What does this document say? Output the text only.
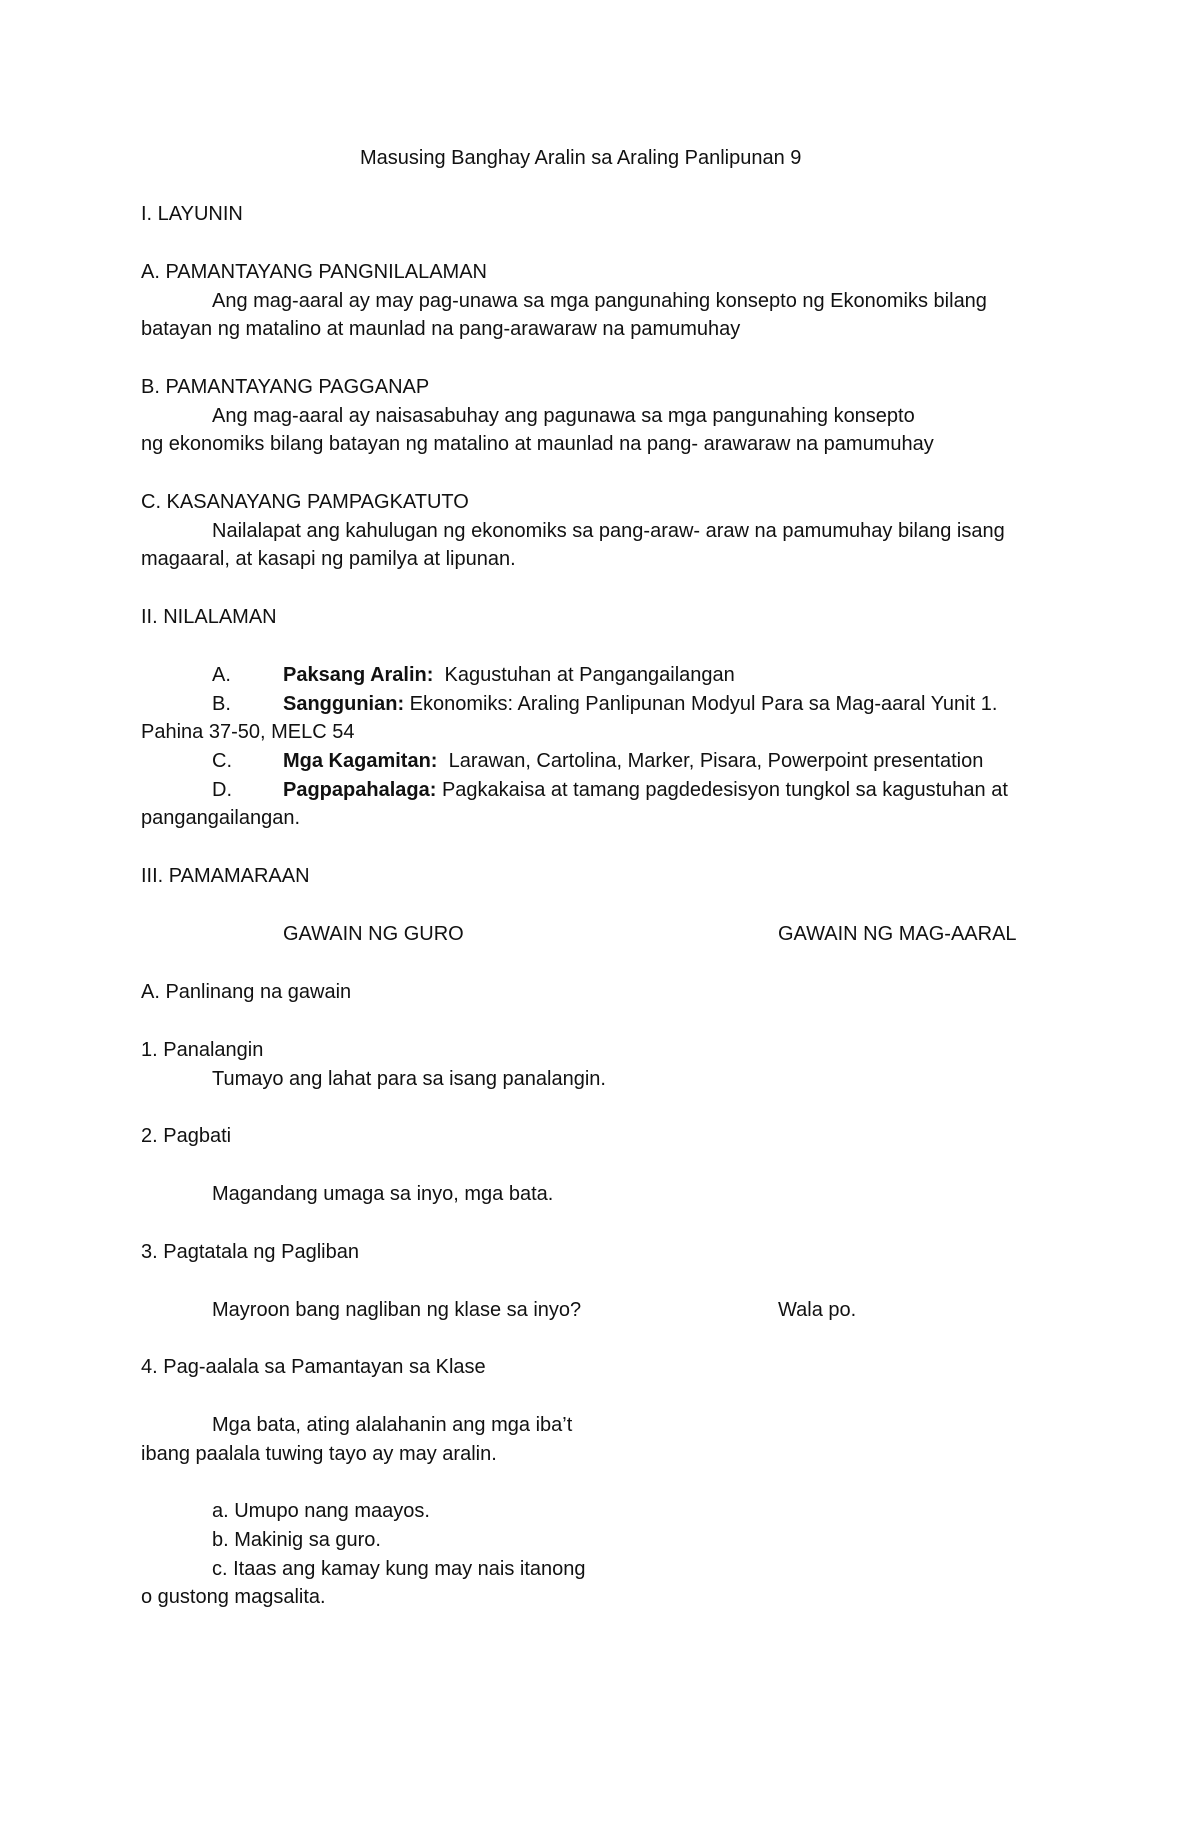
Masusing Banghay Aralin sa Araling Panlipunan 9
I. LAYUNIN
A. PAMANTAYANG PANGNILALAMAN
Ang mag-aaral ay may pag-unawa sa mga pangunahing konsepto ng Ekonomiks bilang
batayan ng matalino at maunlad na pang-arawaraw na pamumuhay
B. PAMANTAYANG PAGGANAP
Ang mag-aaral ay naisasabuhay ang pagunawa sa mga pangunahing konsepto
ng ekonomiks bilang batayan ng matalino at maunlad na pang- arawaraw na pamumuhay
C. KASANAYANG PAMPAGKATUTO
Nailalapat ang kahulugan ng ekonomiks sa pang-araw- araw na pamumuhay bilang isang
magaaral, at kasapi ng pamilya at lipunan.
II. NILALAMAN
A.	Paksang Aralin: Kagustuhan at Pangangailangan
B.	Sanggunian: Ekonomiks: Araling Panlipunan Modyul Para sa Mag-aaral Yunit 1.
Pahina 37-50, MELC 54
C.	Mga Kagamitan: Larawan, Cartolina, Marker, Pisara, Powerpoint presentation
D.	Pagpapahalaga: Pagkakaisa at tamang pagdedesisyon tungkol sa kagustuhan at
pangangailangan.
III. PAMAMARAAN
GAWAIN NG GURO	GAWAIN NG MAG-AARAL
A. Panlinang na gawain
1. Panalangin
Tumayo ang lahat para sa isang panalangin.
2. Pagbati
Magandang umaga sa inyo, mga bata.
3. Pagtatala ng Pagliban
Mayroon bang nagliban ng klase sa inyo?	Wala po.
4. Pag-aalala sa Pamantayan sa Klase
Mga bata, ating alalahanin ang mga iba’t
ibang paalala tuwing tayo ay may aralin.
a. Umupo nang maayos.
b. Makinig sa guro.
c. Itaas ang kamay kung may nais itanong
o gustong magsalita.
